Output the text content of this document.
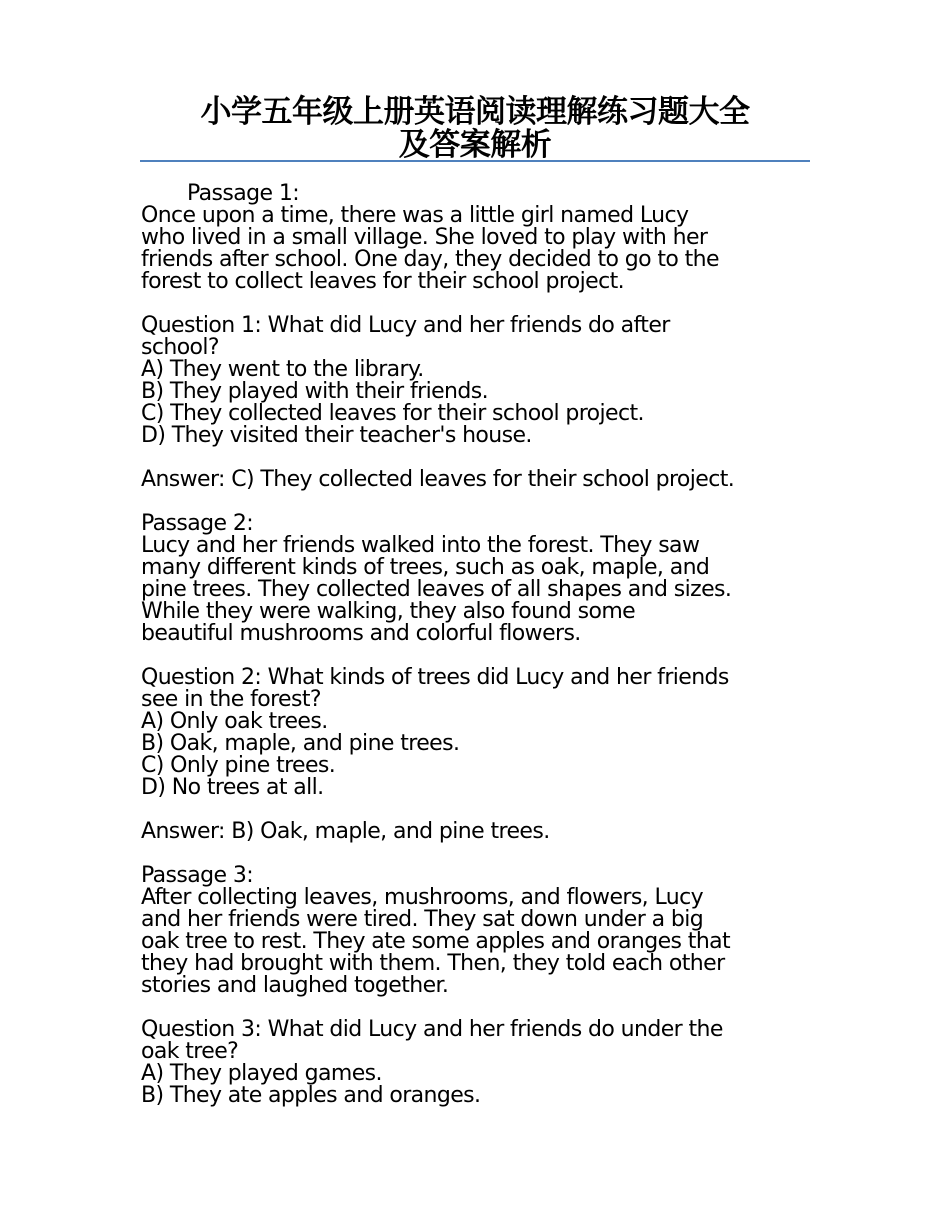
小学五年级上册英语阅读理解练习题大全
及答案解析
Passage 1:
Once upon a time, there was a little girl named Lucy
who lived in a small village. She loved to play with her
friends after school. One day, they decided to go to the
forest to collect leaves for their school project.
Question 1: What did Lucy and her friends do after
school?
A) They went to the library.
B) They played with their friends.
C) They collected leaves for their school project.
D) They visited their teacher's house.
Answer: C) They collected leaves for their school project.
Passage 2:
Lucy and her friends walked into the forest. They saw
many different kinds of trees, such as oak, maple, and
pine trees. They collected leaves of all shapes and sizes.
While they were walking, they also found some
beautiful mushrooms and colorful flowers.
Question 2: What kinds of trees did Lucy and her friends
see in the forest?
A) Only oak trees.
B) Oak, maple, and pine trees.
C) Only pine trees.
D) No trees at all.
Answer: B) Oak, maple, and pine trees.
Passage 3:
After collecting leaves, mushrooms, and flowers, Lucy
and her friends were tired. They sat down under a big
oak tree to rest. They ate some apples and oranges that
they had brought with them. Then, they told each other
stories and laughed together.
Question 3: What did Lucy and her friends do under the
oak tree?
A) They played games.
B) They ate apples and oranges.
